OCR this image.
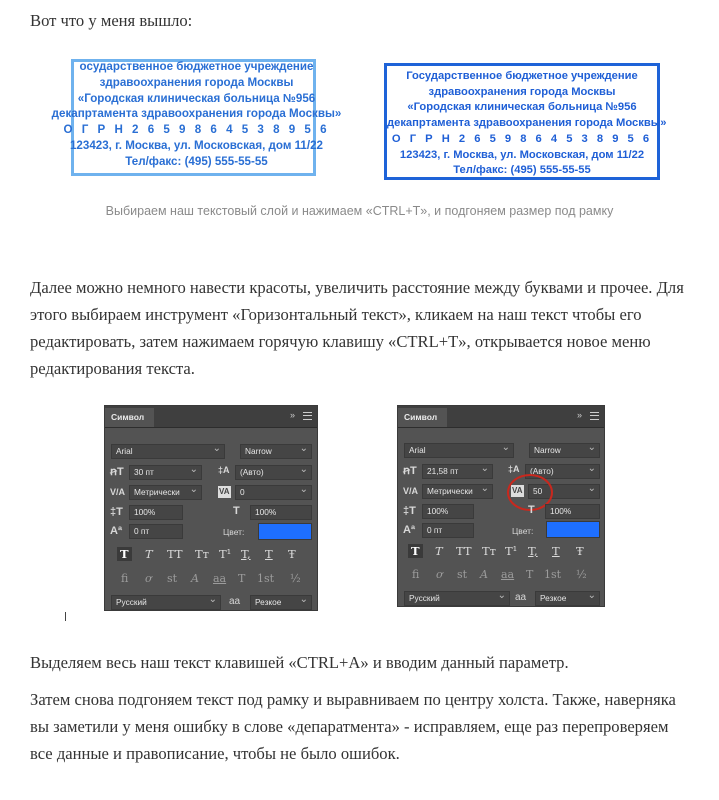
Вот что у меня вышло:

осударственное бюджетное учреждение
здравоохранения города Москвы
«Городская клиническая больница №956
декапртамента здравоохранения города Москвы»
О Г Р Н 2 6 5 9 8 6 4 5 3 8 9 5 6
123423, г. Москва, ул. Московская, дом 11/22
Тел/факс: (495) 555-55-55
Государственное бюджетное учреждение
здравоохранения города Москвы
«Городская клиническая больница №956
декапртамента здравоохранения города Москвы»
О Г Р Н 2 6 5 9 8 6 4 5 3 8 9 5 6
123423, г. Москва, ул. Московская, дом 11/22
Тел/факс: (495) 555-55-55
Выбираем наш текстовый слой и нажимаем «CTRL+T», и подгоняем размер под рамку

Далее можно немного навести красоты, увеличить расстояние между буквами и прочее. Для этого выбираем инструмент «Горизонтальный текст», кликаем на наш текст чтобы его редактировать, затем нажимаем горячую клавишу «CTRL+T», открывается новое меню редактирования текста.

Символ	»
Arial ⌄	Narrow ⌄
ꞥT	30 пт ⌄	‡A	(Авто) ⌄
V/A	Метрически ⌄	VA	0 ⌄
‡T	100%	T	100%
Aª	0 пт	Цвет:
T T TT Tт T¹ T, T Ŧ
fi ơ st A aa T 1st ½
Русский ⌄	aa	Резкое ⌄
Символ	»
Arial ⌄	Narrow ⌄
ꞥT	21,58 пт ⌄	‡A	(Авто) ⌄
V/A	Метрически ⌄	VA	50 ⌄
‡T	100%	T	100%
Aª	0 пт	Цвет:
T T TT Tт T¹ T, T Ŧ
fi ơ st A aa T 1st ½
Русский ⌄	aa	Резкое ⌄

Выделяем весь наш текст клавишей «CTRL+A» и вводим данный параметр.

Затем снова подгоняем текст под рамку и выравниваем по центру холста. Также, наверняка вы заметили у меня ошибку в слове «депаратмента» - исправляем, еще раз перепроверяем все данные и правописание, чтобы не было ошибок.
